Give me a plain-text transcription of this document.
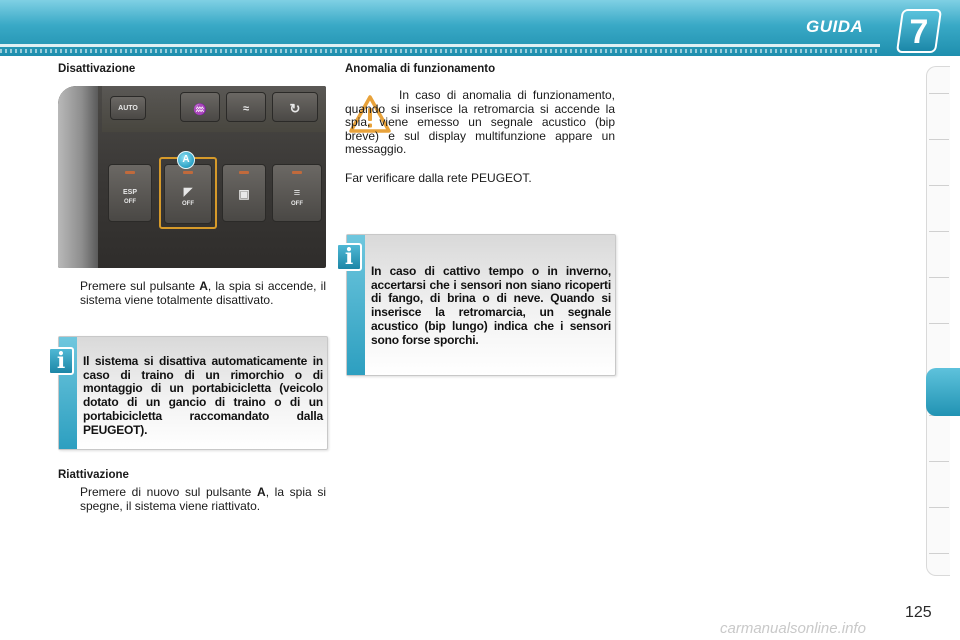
GUIDA 7
Disattivazione
AUTO	♒	≈	↻
ESP
OFF
◤
OFF
▣	≡
OFF
A
Premere sul pulsante A, la spia si accende, il sistema viene totalmente disattivato.
Il sistema si disattiva automaticamente in caso di traino di un rimorchio o di montaggio di un portabicicletta (veicolo dotato di un gancio di traino o di un portabicicletta raccomandato dalla PEUGEOT).
i
Riattivazione
Premere di nuovo sul pulsante A, la spia si spegne, il sistema viene riattivato.
Anomalia di funzionamento
In caso di anomalia di funzionamento, quando si inserisce la retromarcia si accende la spia, viene emesso un segnale acustico (bip breve) e sul display multifunzione appare un messaggio.
Far verificare dalla rete PEUGEOT.
In caso di cattivo tempo o in inverno, accertarsi che i sensori non siano ricoperti di fango, di brina o di neve. Quando si inserisce la retromarcia, un segnale acustico (bip lungo) indica che i sensori sono forse sporchi.
i
125
carmanualsonline.info
